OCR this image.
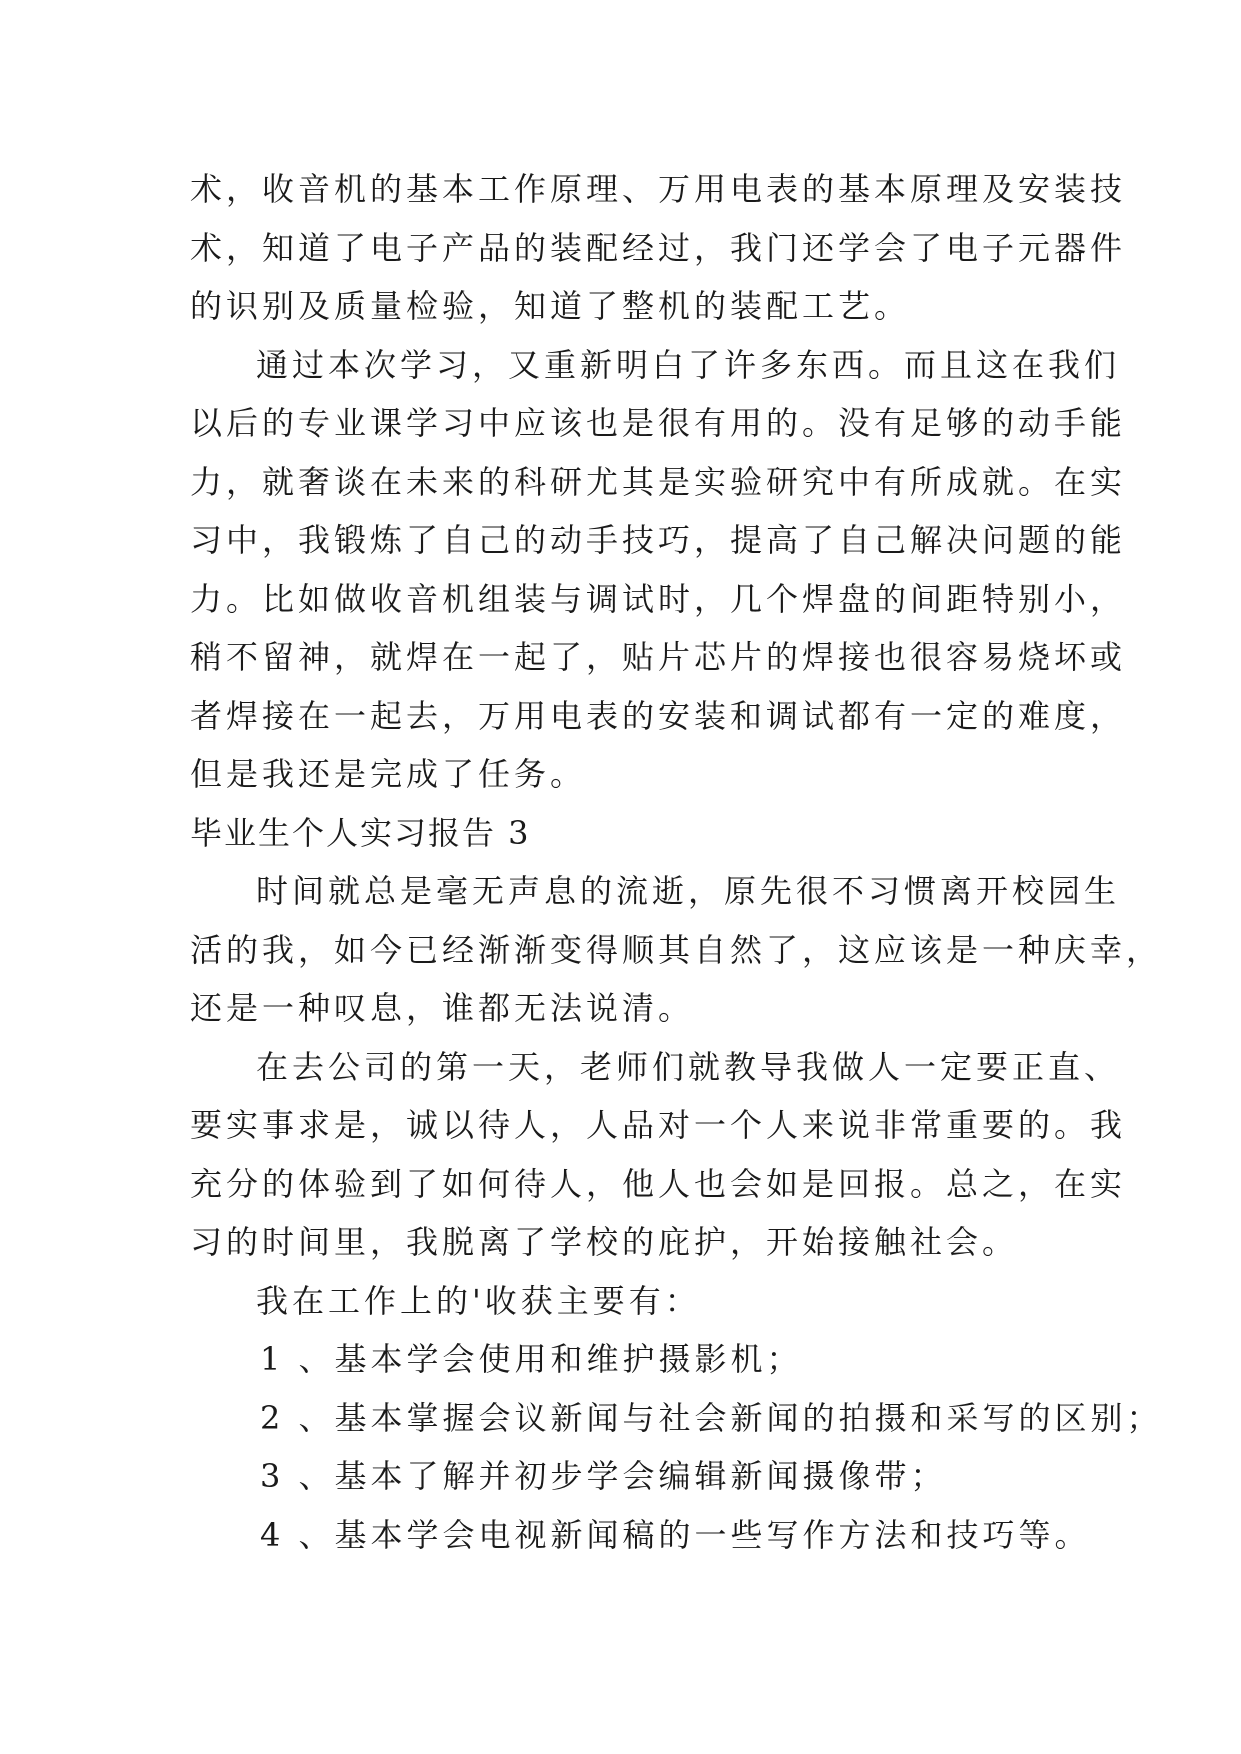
术，收音机的基本工作原理、万用电表的基本原理及安装技
术，知道了电子产品的装配经过，我门还学会了电子元器件
的识别及质量检验，知道了整机的装配工艺。
通过本次学习，又重新明白了许多东西。而且这在我们
以后的专业课学习中应该也是很有用的。没有足够的动手能
力，就奢谈在未来的科研尤其是实验研究中有所成就。在实
习中，我锻炼了自己的动手技巧，提高了自己解决问题的能
力。比如做收音机组装与调试时，几个焊盘的间距特别小，
稍不留神，就焊在一起了，贴片芯片的焊接也很容易烧坏或
者焊接在一起去，万用电表的安装和调试都有一定的难度，
但是我还是完成了任务。
毕业生个人实习报告 3
时间就总是毫无声息的流逝，原先很不习惯离开校园生
活的我，如今已经渐渐变得顺其自然了，这应该是一种庆幸，
还是一种叹息，谁都无法说清。
在去公司的第一天，老师们就教导我做人一定要正直、
要实事求是，诚以待人，人品对一个人来说非常重要的。我
充分的体验到了如何待人，他人也会如是回报。总之，在实
习的时间里，我脱离了学校的庇护，开始接触社会。
我在工作上的'收获主要有：
1 、基本学会使用和维护摄影机；
2 、基本掌握会议新闻与社会新闻的拍摄和采写的区别；
3 、基本了解并初步学会编辑新闻摄像带；
4 、基本学会电视新闻稿的一些写作方法和技巧等。
